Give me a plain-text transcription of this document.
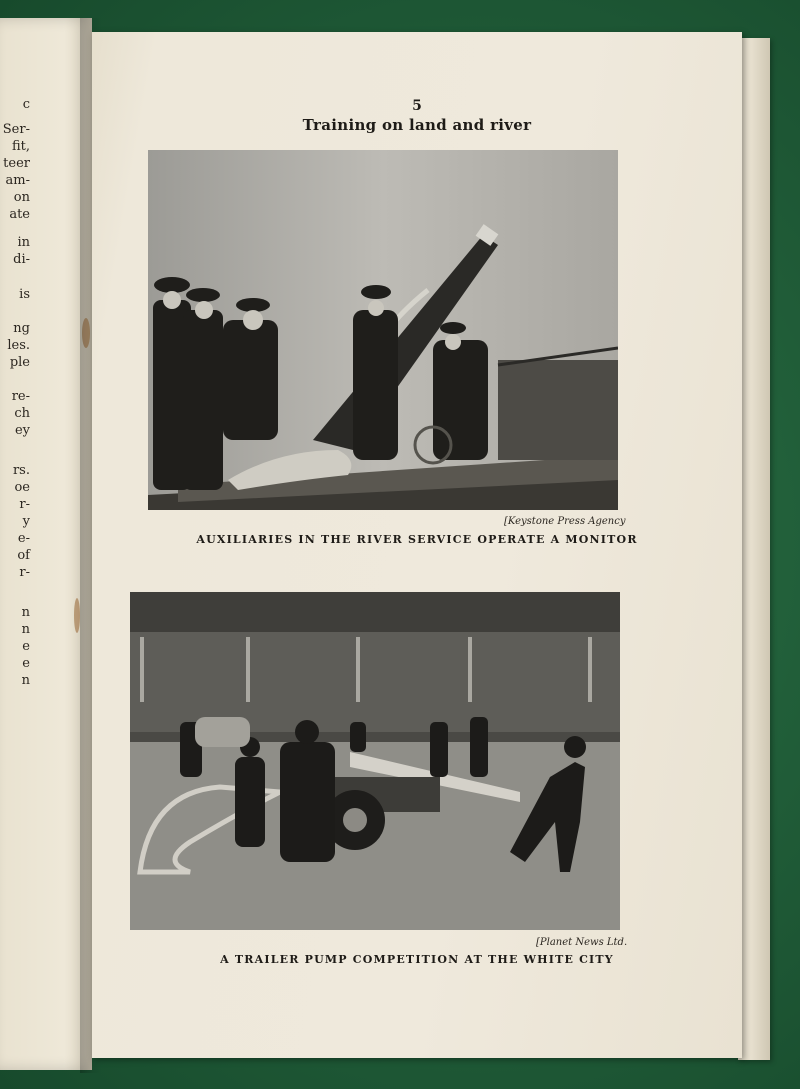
c
Ser-
fit,
teer
am-
on
ate
in
di-
is
ng
les.
ple
re-
ch
ey
rs.
oe
r-
y
e-
of
r-
n
n
e
e
n

5

Training on land and river

[Keystone Press Agency
AUXILIARIES IN THE RIVER SERVICE OPERATE A MONITOR
[Planet News Ltd.
A TRAILER PUMP COMPETITION AT THE WHITE CITY
